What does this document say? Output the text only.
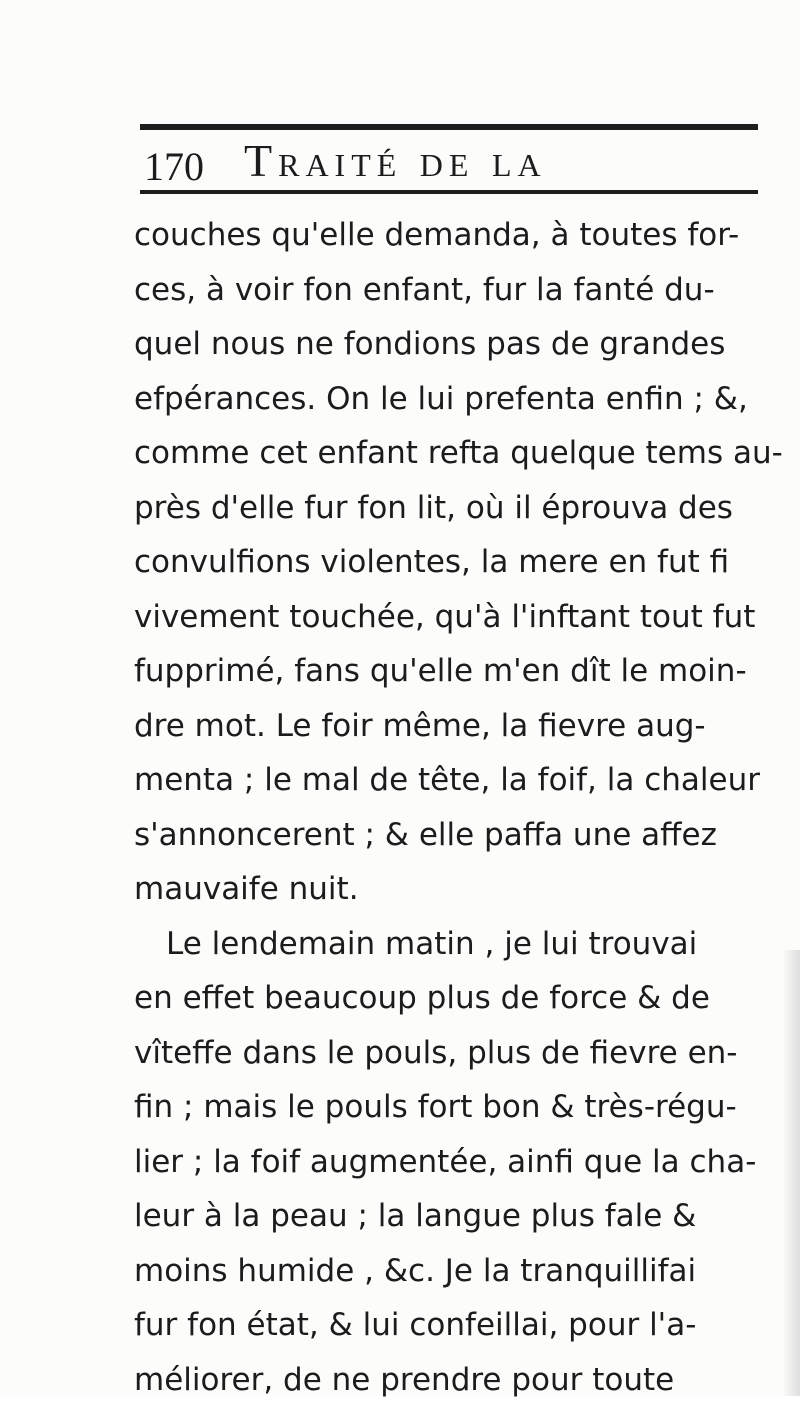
170 Traité de la
couches qu'elle demanda, à toutes for-
ces, à voir fon enfant, fur la fanté du-
quel nous ne fondions pas de grandes
efpérances. On le lui prefenta enfin ; &,
comme cet enfant refta quelque tems au-
près d'elle fur fon lit, où il éprouva des
convulfions violentes, la mere en fut fi
vivement touchée, qu'à l'inftant tout fut
fupprimé, fans qu'elle m'en dît le moin-
dre mot. Le foir même, la fievre aug-
menta ; le mal de tête, la foif, la chaleur
s'annoncerent ; & elle paffa une affez
mauvaife nuit.
Le lendemain matin , je lui trouvai
en effet beaucoup plus de force & de
vîteffe dans le pouls, plus de fievre en-
fin ; mais le pouls fort bon & très-régu-
lier ; la foif augmentée, ainfi que la cha-
leur à la peau ; la langue plus fale &
moins humide , &c. Je la tranquillifai
fur fon état, & lui confeillai, pour l'a-
méliorer, de ne prendre pour toute
